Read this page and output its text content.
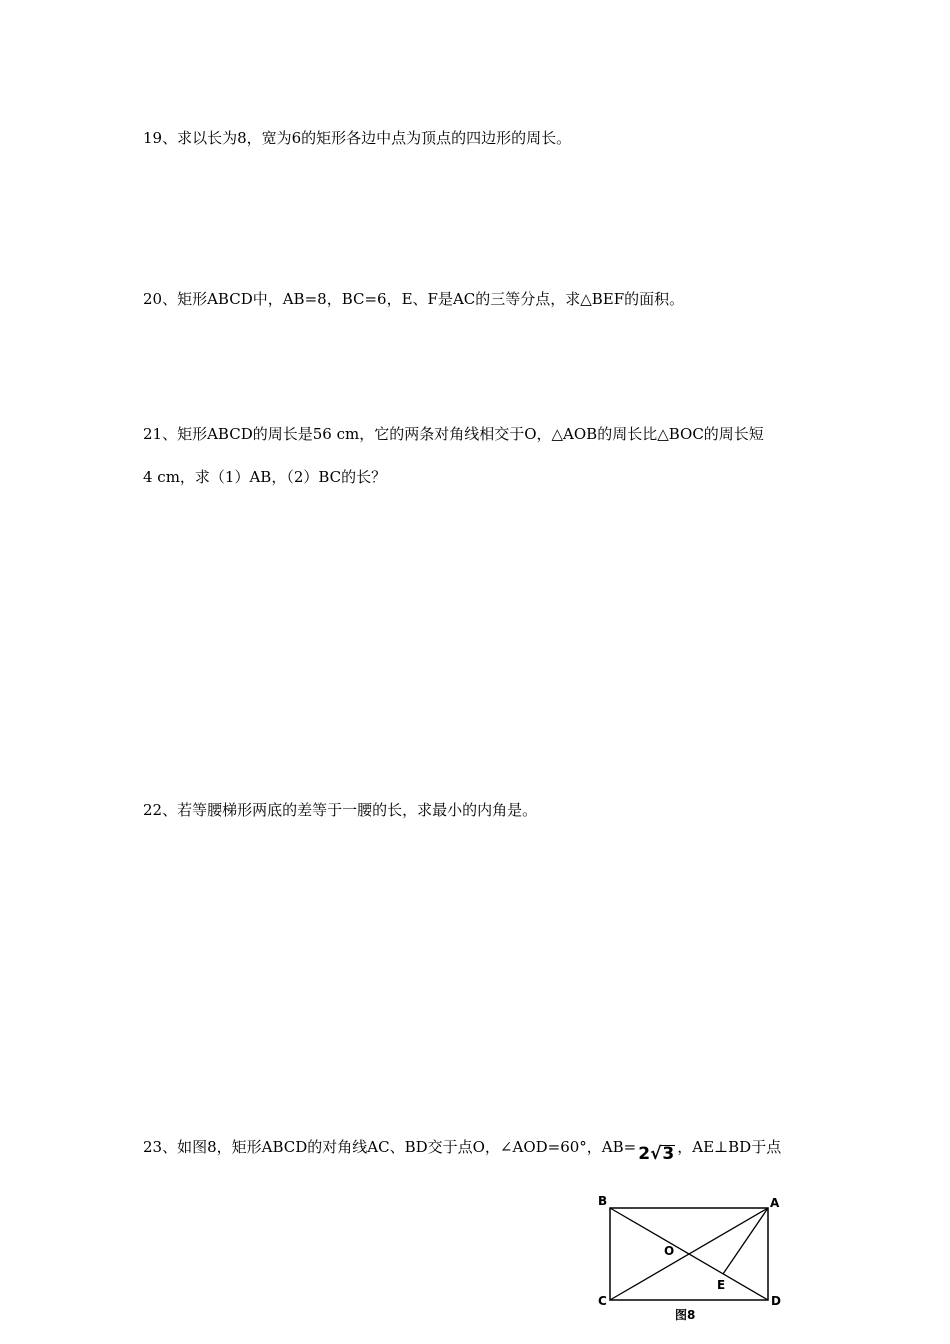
19、求以长为8，宽为6的矩形各边中点为顶点的四边形的周长。
20、矩形ABCD中，AB=8，BC=6，E、F是AC的三等分点，求△BEF的面积。
21、矩形ABCD的周长是56 cm，它的两条对角线相交于O，△AOB的周长比△BOC的周长短
4 cm，求（1）AB，（2）BC的长？
22、若等腰梯形两底的差等于一腰的长，求最小的内角是。
23、如图8，矩形ABCD的对角线AC、BD交于点O，∠AOD=60°，AB= 2√3 ，AE⊥BD于点
B	A
C	D
O
E
图8
